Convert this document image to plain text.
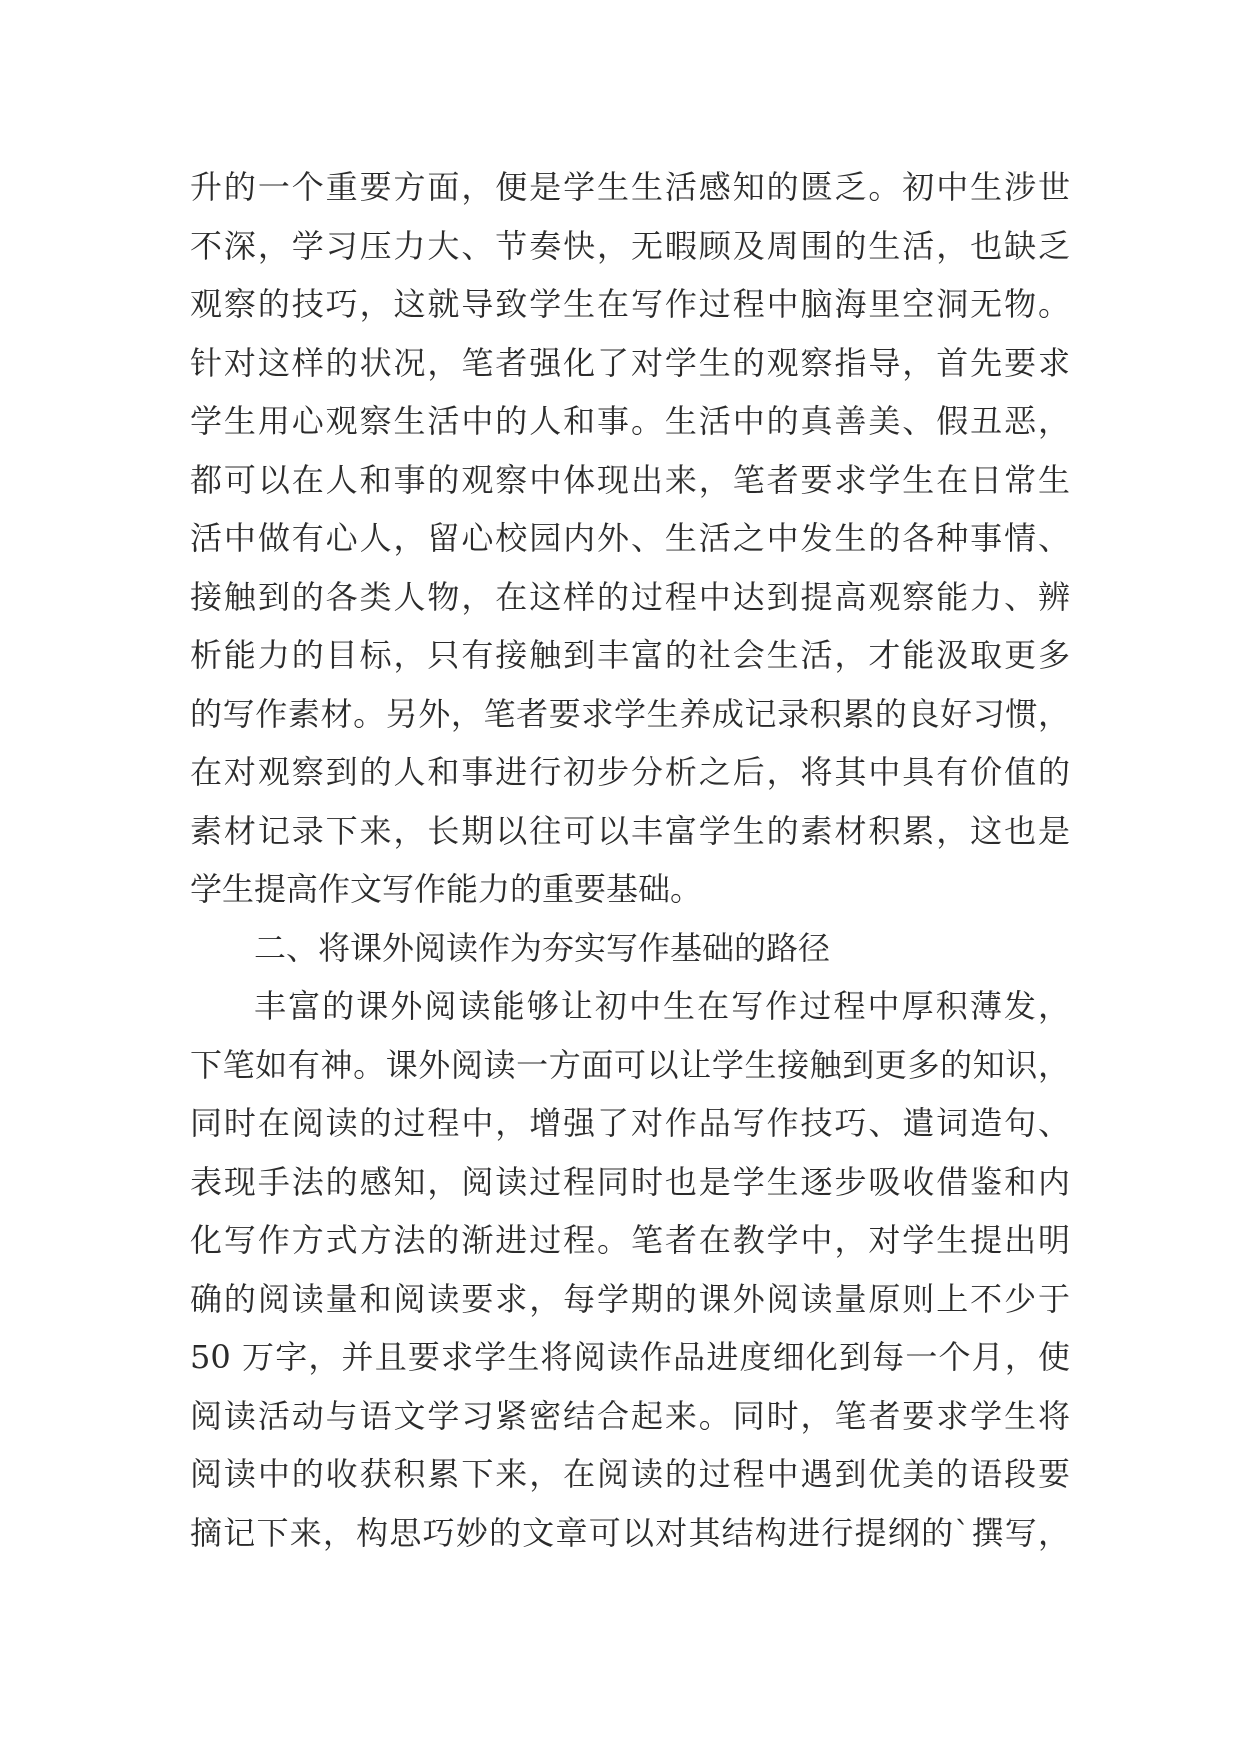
升的一个重要方面，便是学生生活感知的匮乏。初中生涉世
不深，学习压力大、节奏快，无暇顾及周围的生活，也缺乏
观察的技巧，这就导致学生在写作过程中脑海里空洞无物。
针对这样的状况，笔者强化了对学生的观察指导，首先要求
学生用心观察生活中的人和事。生活中的真善美、假丑恶，
都可以在人和事的观察中体现出来，笔者要求学生在日常生
活中做有心人，留心校园内外、生活之中发生的各种事情、
接触到的各类人物，在这样的过程中达到提高观察能力、辨
析能力的目标，只有接触到丰富的社会生活，才能汲取更多
的写作素材。另外，笔者要求学生养成记录积累的良好习惯，
在对观察到的人和事进行初步分析之后，将其中具有价值的
素材记录下来，长期以往可以丰富学生的素材积累，这也是
学生提高作文写作能力的重要基础。
二、将课外阅读作为夯实写作基础的路径
丰富的课外阅读能够让初中生在写作过程中厚积薄发，
下笔如有神。课外阅读一方面可以让学生接触到更多的知识，
同时在阅读的过程中，增强了对作品写作技巧、遣词造句、
表现手法的感知，阅读过程同时也是学生逐步吸收借鉴和内
化写作方式方法的渐进过程。笔者在教学中，对学生提出明
确的阅读量和阅读要求，每学期的课外阅读量原则上不少于
50 万字，并且要求学生将阅读作品进度细化到每一个月，使
阅读活动与语文学习紧密结合起来。同时，笔者要求学生将
阅读中的收获积累下来，在阅读的过程中遇到优美的语段要
摘记下来，构思巧妙的文章可以对其结构进行提纲的`撰写，
